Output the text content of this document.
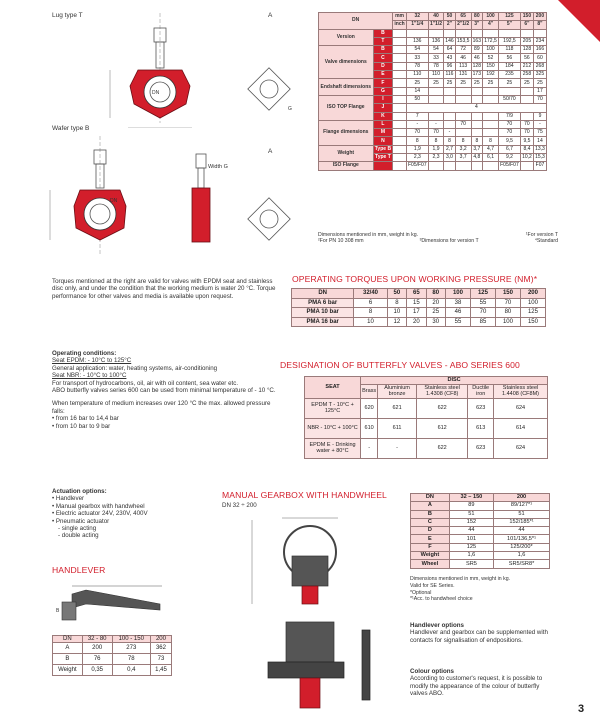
Lug type T
DN
A
G
Wafer type B
DN
Width G
A
DN		mm	32	40	50	65	80	100	125	150	200
		inch	1"1/4	1"1/2	2"	2"1/2	3"	4"	5"	6"	8"
Version	B										
	T		136	136	146	153,5	163	172,5	192,5	205	234
Valve dimensions	B		54	54	64	72	89	100	118	128	166
	C		33	33	43	46	46	52	56	56	60
	D		78	78	96	113	128	150	184	212	268
	E		110	110	116	131	173	192	235	258	325
Endshaft dimensions	F		25	25	25	25	25	25	25	25	25
	G		14								17
ISO TOP Flange	I		50						50/70		70
	J		4								
	K		7						7/9		9
Flange dimensions	L		-	-		70			70	70	-
	M		70	70	-				70	70	75
	N		8	8	8	8	8	8	9,5	9,5	14
Weight	Type B		1,9	1,9	2,7	3,2	3,7	4,7	6,7	8,4	13,3
	Type T		2,3	2,3	3,0	3,7	4,8	6,1	9,2	10,2	15,3
ISO Flange			F05/F07						F05/F07		F07
Dimensions mentioned in mm, weight in kg.	¹For version T
²For PN 10 308 mm	³Dimensions for version T	⁴Standard
Torques mentioned at the right are valid for valves with EPDM seat and stainless disc only, and under the condition that the working medium is water 20 °C. Torque performance for other valves and media is available upon request.
OPERATING TORQUES UPON WORKING PRESSURE (NM)*
DN	32/40	50	65	80	100	125	150	200
PMA 6 bar	6	8	15	20	38	55	70	100
PMA 10 bar	8	10	17	25	46	70	80	125
PMA 16 bar	10	12	20	30	55	85	100	150
Operating conditions:
Seat EPDM: - 10°C to 125°C
General application: water, heating systems, air-conditioning
Seat NBR: - 10°C to 100°C
For transport of hydrocarbons, oil, air with oil content, sea water etc.
ABO butterfly valves series 600 can be used from minimal temperature of - 10 °C.
When temperature of medium increases over 120 °C the max. allowed pressure falls:
• from 16 bar to 14,4 bar
• from 10 bar to 9 bar
DESIGNATION OF BUTTERFLY VALVES - ABO SERIES 600
SEAT	DISC				
	Brass	Aluminium bronze	Stainless steel 1.4308 (CF8)	Ductile iron	Stainless steel 1.4408 (CF8M)
EPDM T - 10°C + 125°C	620	621	622	623	624
NBR - 10°C + 100°C	610	611	612	613	614
EPDM E - Drinking water + 80°C	-	-	622	623	624
Actuation options:
• Handlever
• Manual gearbox with handwheel
• Electric actuator 24V, 230V, 400V
• Pneumatic actuator
- single acting
- double acting
HANDLEVER
B
DN	32 - 80	100 - 150	200
A	200	273	362
B	76	78	73
Weight	0,35	0,4	1,45
MANUAL GEARBOX WITH HANDWHEEL
DN 32 ÷ 200
DN	32 – 150	200
A	89	89/127*¹
B	51	51
C	152	152/185*¹
D	44	44
E	101	101/136,5*¹
F	125	125/200*
Weight	1,6	1,6
Wheel	SR5	SR5/SR8*
Dimensions mentioned in mm, weight in kg.
Valid for SE Series.
*Optional
*¹Acc. to handwheel choice
Handlever options
Handlever and gearbox can be supplemented with contacts for signalisation of endpositions.
Colour options
According to customer's request, it is possible to modify the appearance of the colour of butterfly valves ABO.
3
